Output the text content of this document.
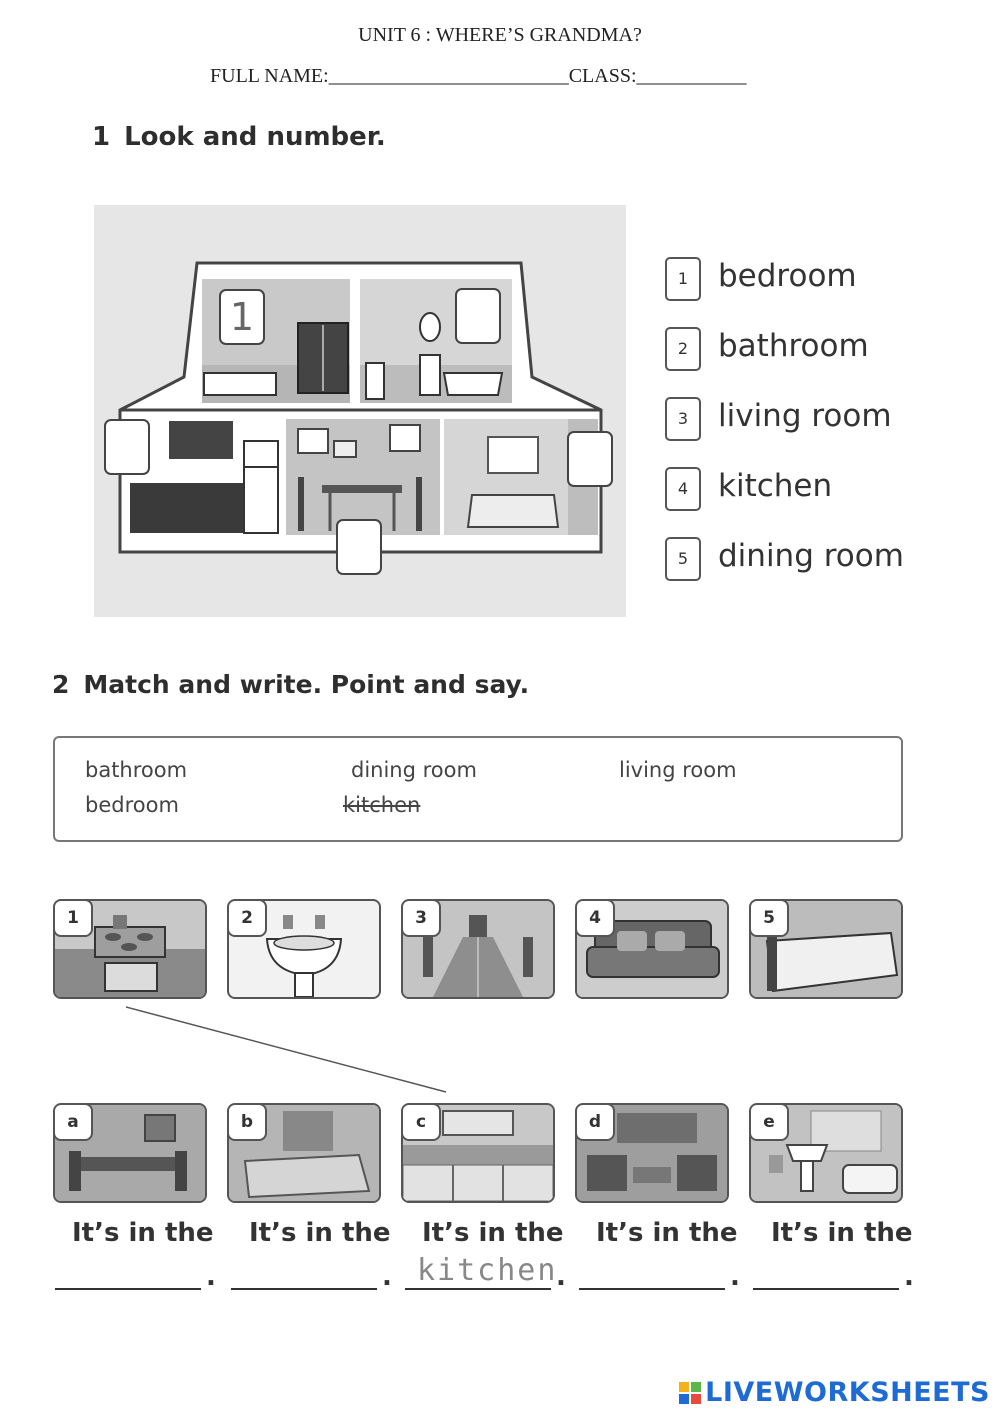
UNIT 6 : WHERE’S GRANDMA?
FULL NAME:________________________CLASS:___________
1 Look and number.
1
1 bedroom
2 bathroom
3 living room
4 kitchen
5 dining room
2 Match and write. Point and say.
bathroom	dining room	living room
bedroom	kitchen
1	2	3	4	5
a	b	c	d	e
It’s in the It’s in the It’s in the It’s in the It’s in the
.	. kitchen
.	.	.
LIVEWORKSHEETS
